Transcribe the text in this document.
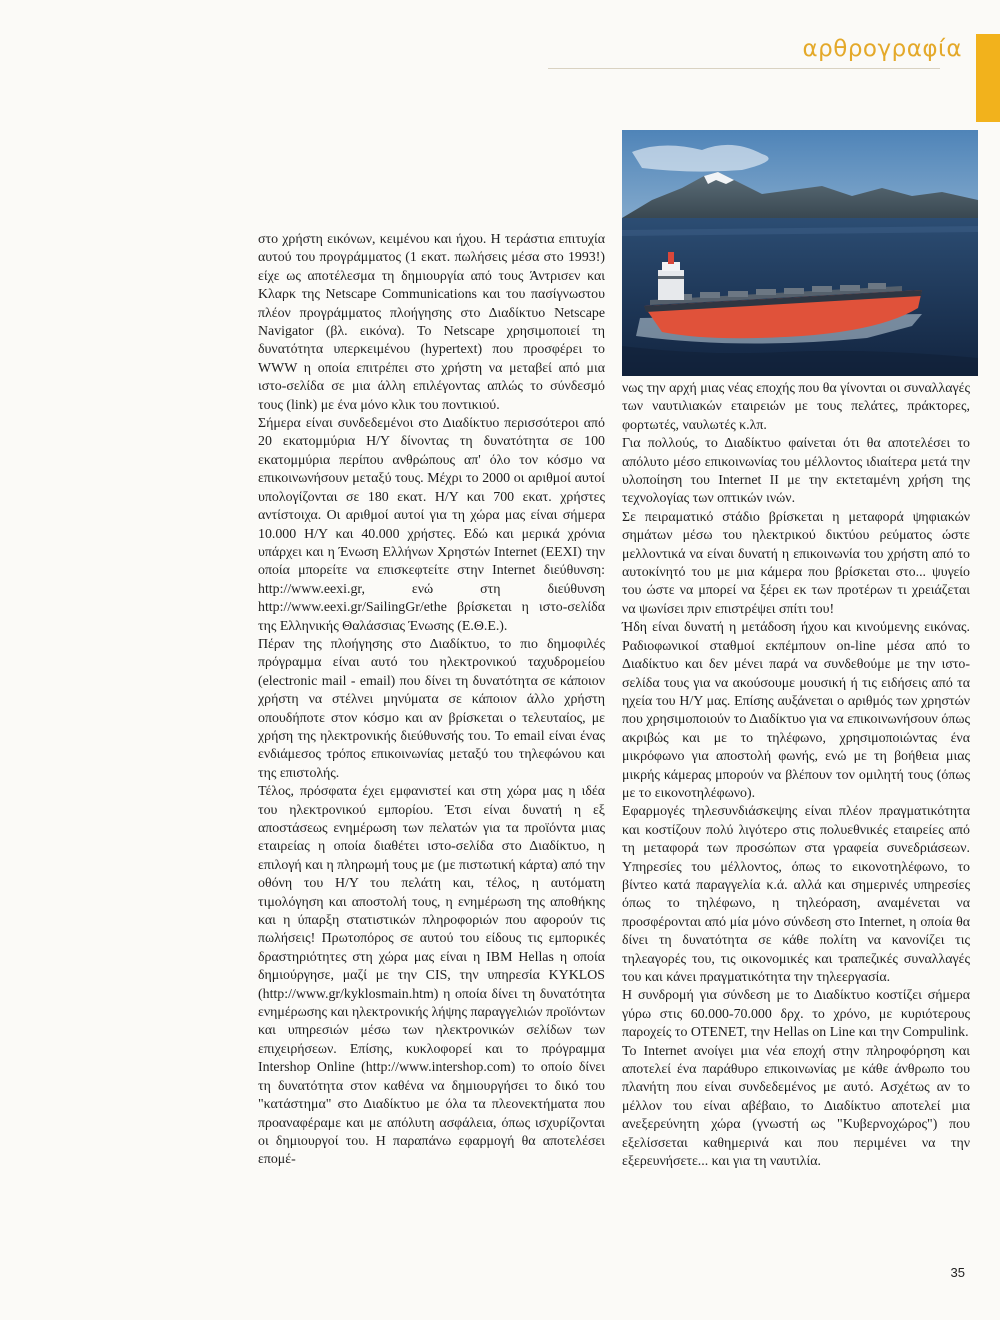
αρθρογραφία

στο χρήστη εικόνων, κειμένου και ήχου. Η τεράστια επιτυχία αυτού του προγράμματος (1 εκατ. πωλήσεις μέσα στο 1993!) είχε ως αποτέλεσμα τη δημιουργία από τους Άντρισεν και Κλαρκ της Netscape Communications και του πασίγνωστου πλέον προγράμματος πλοήγησης στο Διαδίκτυο Netscape Navigator (βλ. εικόνα). Το Netscape χρησιμοποιεί τη δυνατότητα υπερκειμένου (hypertext) που προσφέρει το WWW η οποία επιτρέπει στο χρήστη να μεταβεί από μια ιστο-σελίδα σε μια άλλη επιλέγοντας απλώς το σύνδεσμό τους (link) με ένα μόνο κλικ του ποντικιού.

Σήμερα είναι συνδεδεμένοι στο Διαδίκτυο περισσότεροι από 20 εκατομμύρια Η/Υ δίνοντας τη δυνατότητα σε 100 εκατομμύρια περίπου ανθρώπους απ' όλο τον κόσμο να επικοινωνήσουν μεταξύ τους. Μέχρι το 2000 οι αριθμοί αυτοί υπολογίζονται σε 180 εκατ. Η/Υ και 700 εκατ. χρήστες αντίστοιχα. Οι αριθμοί αυτοί για τη χώρα μας είναι σήμερα 10.000 Η/Υ και 40.000 χρήστες. Εδώ και μερικά χρόνια υπάρχει και η Ένωση Ελλήνων Χρηστών Internet (ΕΕΧΙ) την οποία μπορείτε να επισκεφτείτε στην Internet διεύθυνση: http://www.eexi.gr, ενώ στη διεύθυνση http://www.eexi.gr/SailingGr/ethe βρίσκεται η ιστο-σελίδα της Ελληνικής Θαλάσσιας Ένωσης (Ε.Θ.Ε.).

Πέραν της πλοήγησης στο Διαδίκτυο, το πιο δημοφιλές πρόγραμμα είναι αυτό του ηλεκτρονικού ταχυδρομείου (electronic mail - email) που δίνει τη δυνατότητα σε κάποιον χρήστη να στέλνει μηνύματα σε κάποιον άλλο χρήστη οπουδήποτε στον κόσμο και αν βρίσκεται ο τελευταίος, με χρήση της ηλεκτρονικής διεύθυνσής του. Το email είναι ένας ενδιάμεσος τρόπος επικοινωνίας μεταξύ του τηλεφώνου και της επιστολής.

Τέλος, πρόσφατα έχει εμφανιστεί και στη χώρα μας η ιδέα του ηλεκτρονικού εμπορίου. Έτσι είναι δυνατή η εξ αποστάσεως ενημέρωση των πελατών για τα προϊόντα μιας εταιρείας η οποία διαθέτει ιστο-σελίδα στο Διαδίκτυο, η επιλογή και η πληρωμή τους με (με πιστωτική κάρτα) από την οθόνη του Η/Υ του πελάτη και, τέλος, η αυτόματη τιμολόγηση και αποστολή τους, η ενημέρωση της αποθήκης και η ύπαρξη στατιστικών πληροφοριών που αφορούν τις πωλήσεις! Πρωτοπόρος σε αυτού του είδους τις εμπορικές δραστηριότητες στη χώρα μας είναι η IBM Hellas η οποία δημιούργησε, μαζί με την CIS, την υπηρεσία KYKLOS (http://www.gr/kyklosmain.htm) η οποία δίνει τη δυνατότητα ενημέρωσης και ηλεκτρονικής λήψης παραγγελιών προϊόντων και υπηρεσιών μέσω των ηλεκτρονικών σελίδων των επιχειρήσεων. Επίσης, κυκλοφορεί και το πρόγραμμα Intershop Online (http://www.intershop.com) το οποίο δίνει τη δυνατότητα στον καθένα να δημιουργήσει το δικό του "κατάστημα" στο Διαδίκτυο με όλα τα πλεονεκτήματα που προαναφέραμε και με απόλυτη ασφάλεια, όπως ισχυρίζονται οι δημιουργοί του. Η παραπάνω εφαρμογή θα αποτελέσει επομέ-

νως την αρχή μιας νέας εποχής που θα γίνονται οι συναλλαγές των ναυτιλιακών εταιρειών με τους πελάτες, πράκτορες, φορτωτές, ναυλωτές κ.λπ.

Για πολλούς, το Διαδίκτυο φαίνεται ότι θα αποτελέσει το απόλυτο μέσο επικοινωνίας του μέλλοντος ιδιαίτερα μετά την υλοποίηση του Internet II με την εκτεταμένη χρήση της τεχνολογίας των οπτικών ινών.

Σε πειραματικό στάδιο βρίσκεται η μεταφορά ψηφιακών σημάτων μέσω του ηλεκτρικού δικτύου ρεύματος ώστε μελλοντικά να είναι δυνατή η επικοινωνία του χρήστη από το αυτοκίνητό του με μια κάμερα που βρίσκεται στο... ψυγείο του ώστε να μπορεί να ξέρει εκ των προτέρων τι χρειάζεται να ψωνίσει πριν επιστρέψει σπίτι του!

Ήδη είναι δυνατή η μετάδοση ήχου και κινούμενης εικόνας. Ραδιοφωνικοί σταθμοί εκπέμπουν on-line μέσα από το Διαδίκτυο και δεν μένει παρά να συνδεθούμε με την ιστο-σελίδα τους για να ακούσουμε μουσική ή τις ειδήσεις από τα ηχεία του Η/Υ μας. Επίσης αυξάνεται ο αριθμός των χρηστών που χρησιμοποιούν το Διαδίκτυο για να επικοινωνήσουν όπως ακριβώς και με το τηλέφωνο, χρησιμοποιώντας ένα μικρόφωνο για αποστολή φωνής, ενώ με τη βοήθεια μιας μικρής κάμερας μπορούν να βλέπουν τον ομιλητή τους (όπως με το εικονοτηλέφωνο).

Εφαρμογές τηλεσυνδιάσκεψης είναι πλέον πραγματικότητα και κοστίζουν πολύ λιγότερο στις πολυεθνικές εταιρείες από τη μεταφορά των προσώπων στα γραφεία συνεδριάσεων. Υπηρεσίες του μέλλοντος, όπως το εικονοτηλέφωνο, το βίντεο κατά παραγγελία κ.ά. αλλά και σημερινές υπηρεσίες όπως το τηλέφωνο, η τηλεόραση, αναμένεται να προσφέρονται από μία μόνο σύνδεση στο Internet, η οποία θα δίνει τη δυνατότητα σε κάθε πολίτη να κανονίζει τις τηλεαγορές του, τις οικονομικές και τραπεζικές συναλλαγές του και κάνει πραγματικότητα την τηλεεργασία.

Η συνδρομή για σύνδεση με το Διαδίκτυο κοστίζει σήμερα γύρω στις 60.000-70.000 δρχ. το χρόνο, με κυριότερους παροχείς το OTENET, την Hellas on Line και την Compulink.

Το Internet ανοίγει μια νέα εποχή στην πληροφόρηση και αποτελεί ένα παράθυρο επικοινωνίας με κάθε άνθρωπο του πλανήτη που είναι συνδεδεμένος με αυτό. Ασχέτως αν το μέλλον του είναι αβέβαιο, το Διαδίκτυο αποτελεί μια ανεξερεύνητη χώρα (γνωστή ως "Κυβερνοχώρος") που εξελίσσεται καθημερινά και που περιμένει να την εξερευνήσετε... και για τη ναυτιλία.

35
